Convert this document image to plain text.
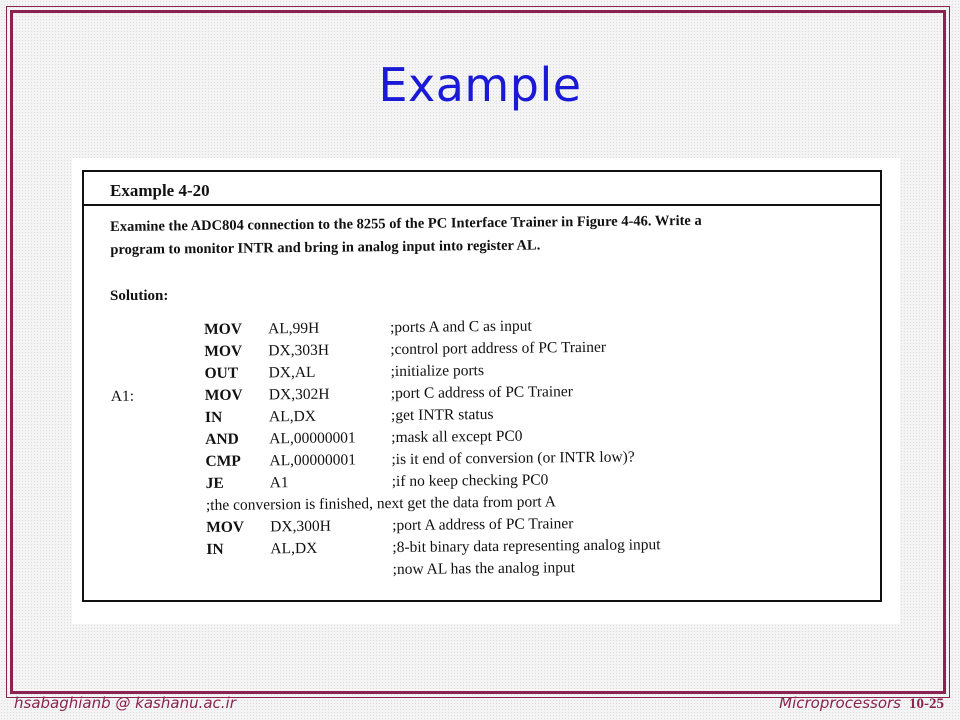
Example
Example 4-20
Examine the ADC804 connection to the 8255 of the PC Interface Trainer in Figure 4-46. Write a
program to monitor INTR and bring in analog input into register AL.
Solution:
MOV AL,99H	;ports A and C as input
MOV DX,303H	;control port address of PC Trainer
OUT DX,AL	;initialize ports
A1:	MOV DX,302H	;port C address of PC Trainer
IN	AL,DX	;get INTR status
AND AL,00000001 ;mask all except PC0
CMP AL,00000001 ;is it end of conversion (or INTR low)?
JE	A1	;if no keep checking PC0
;the conversion is finished, next get the data from port A
MOV DX,300H	;port A address of PC Trainer
IN	AL,DX	;8-bit binary data representing analog input
;now AL has the analog input
hsabaghianb @ kashanu.ac.ir	Microprocessors 10-25
